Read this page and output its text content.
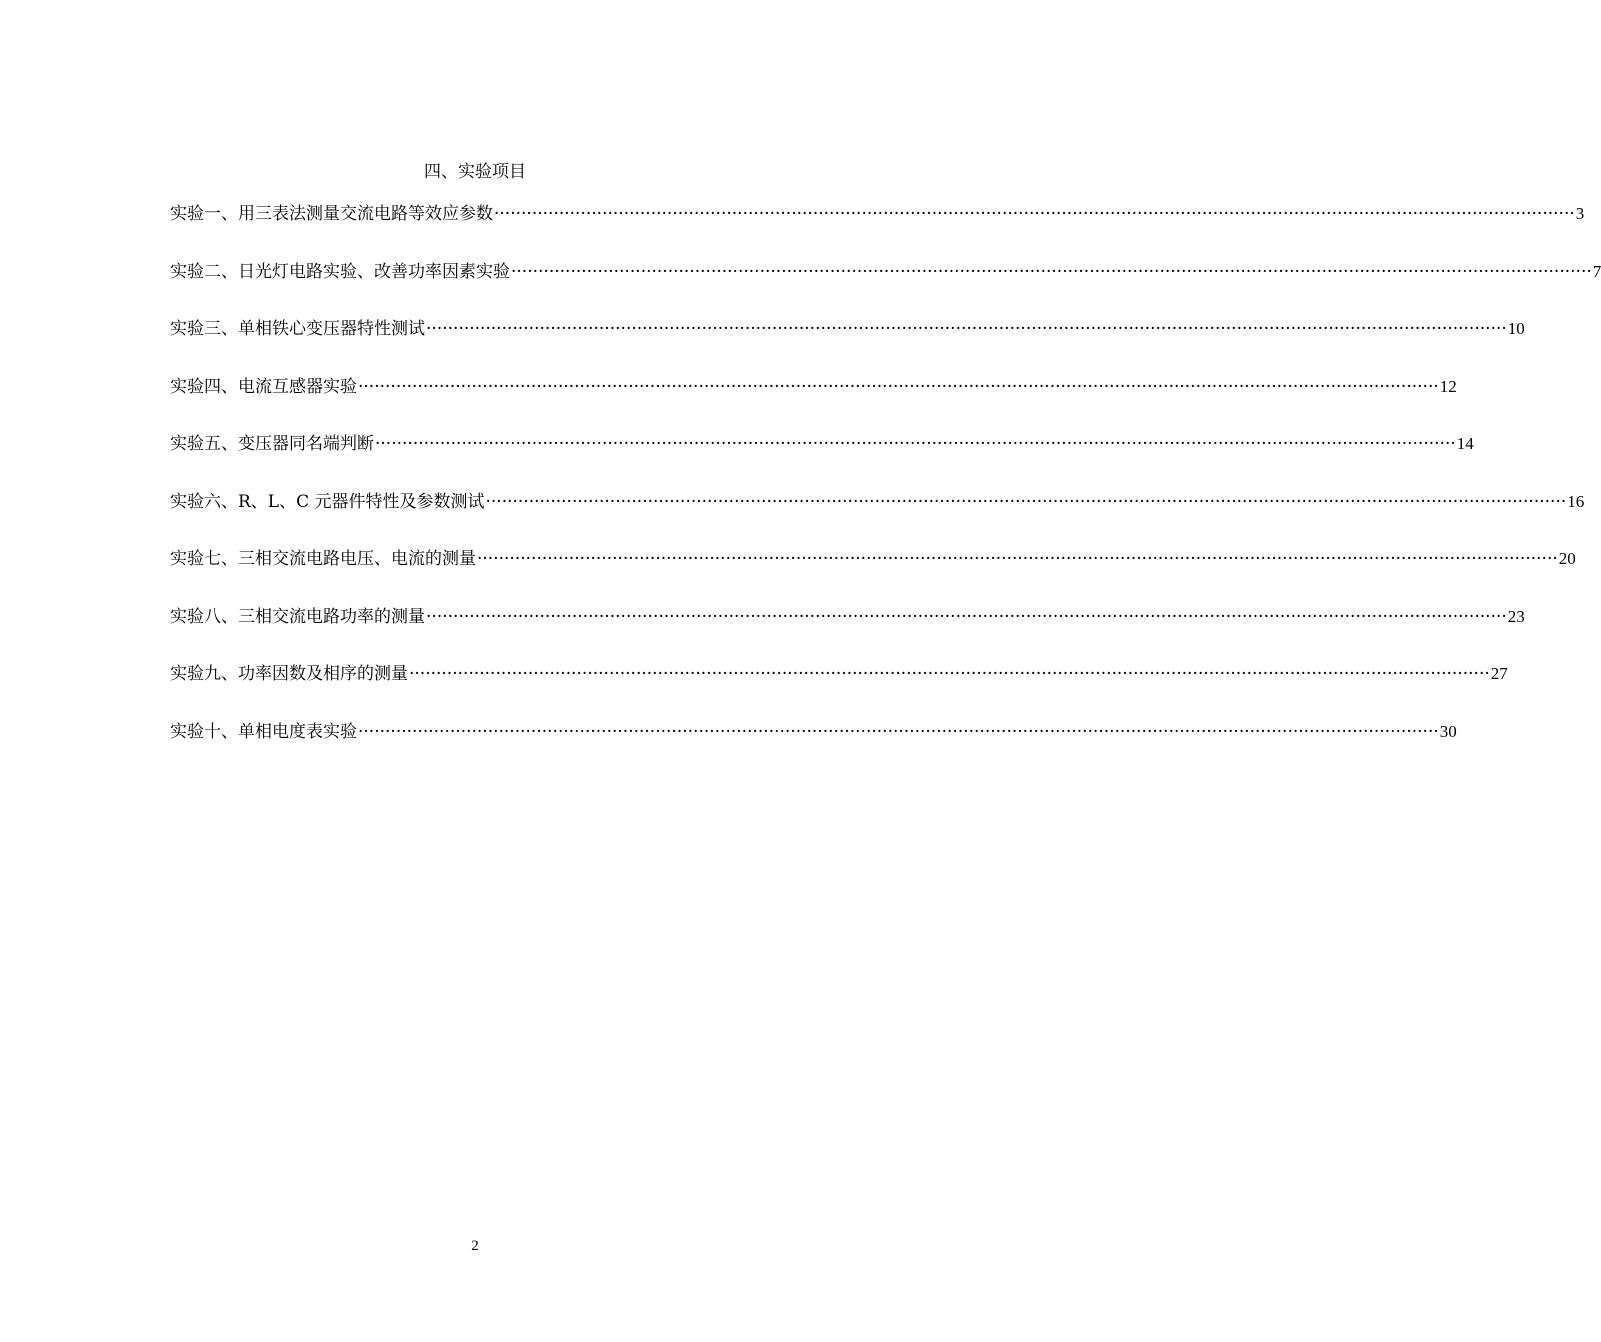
四、实验项目
实验一、用三表法测量交流电路等效应参数 ········································································································································································································ 3
实验二、日光灯电路实验、改善功率因素实验 ········································································································································································································ 7
实验三、单相铁心变压器特性测试 ········································································································································································································ 10
实验四、电流互感器实验 ········································································································································································································ 12
实验五、变压器同名端判断 ········································································································································································································ 14
实验六、R、L、C 元器件特性及参数测试 ········································································································································································································ 16
实验七、三相交流电路电压、电流的测量 ········································································································································································································ 20
实验八、三相交流电路功率的测量 ········································································································································································································ 23
实验九、功率因数及相序的测量 ········································································································································································································ 27
实验十、单相电度表实验 ········································································································································································································ 30
2
